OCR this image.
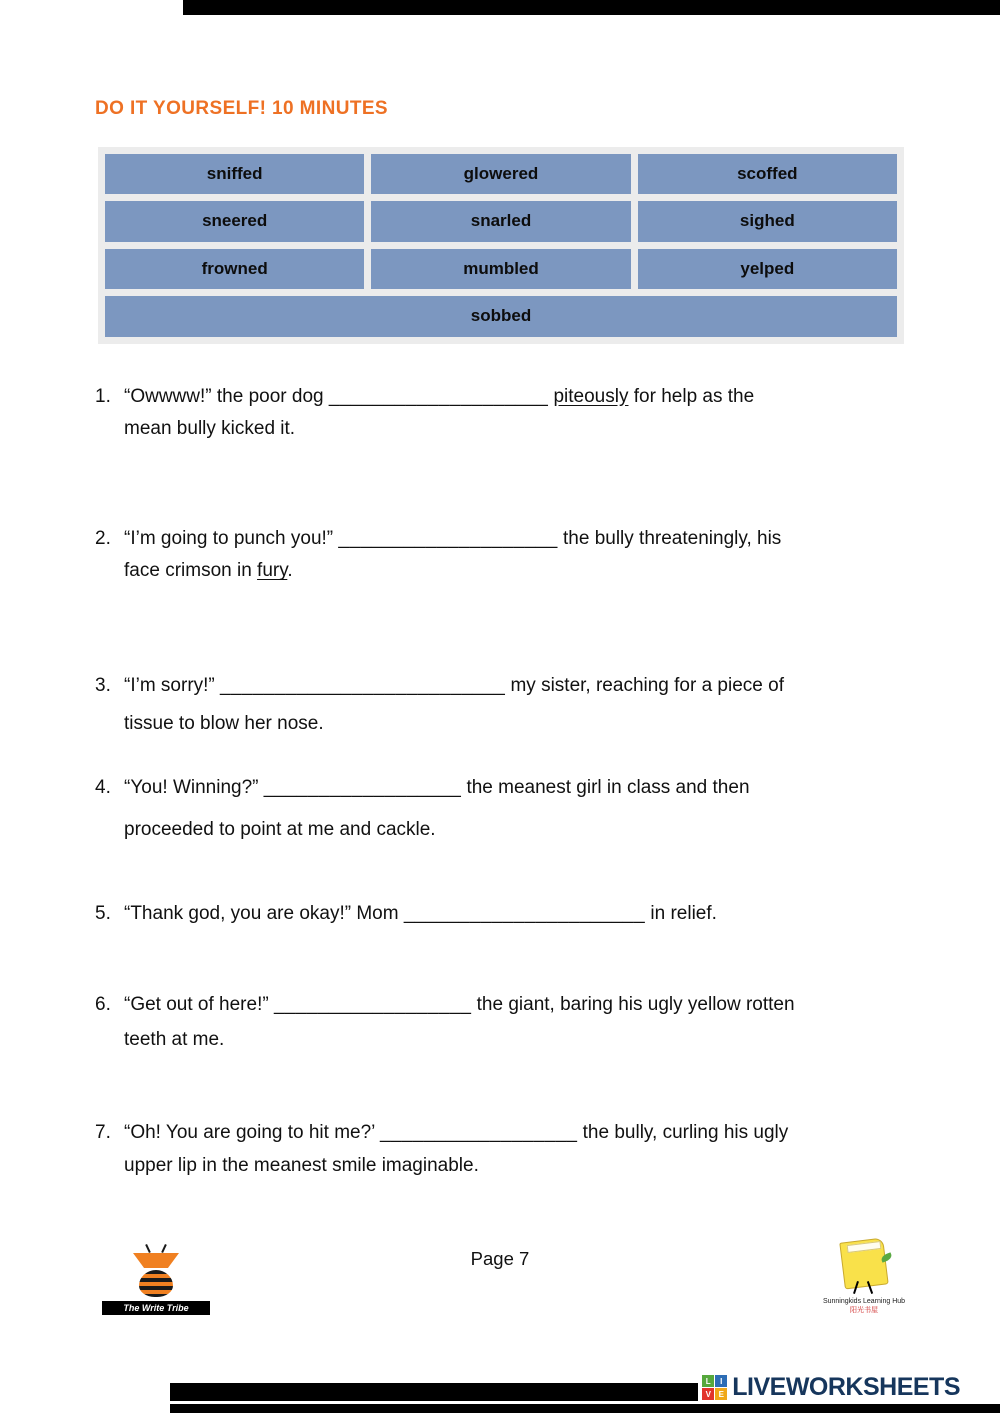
DO IT YOURSELF! 10 MINUTES
sniffed	glowered	scoffed
sneered	snarled	sighed
frowned	mumbled	yelped
sobbed
1. “Owwww!” the poor dog ____________________ piteously for help as the
mean bully kicked it.
2. “I’m going to punch you!” ____________________ the bully threateningly, his
face crimson in fury.
3. “I’m sorry!” __________________________ my sister, reaching for a piece of
tissue to blow her nose.
4. “You! Winning?” __________________ the meanest girl in class and then
proceeded to point at me and cackle.
5. “Thank god, you are okay!” Mom ______________________ in relief.
6. “Get out of here!” __________________ the giant, baring his ugly yellow rotten
teeth at me.
7. “Oh! You are going to hit me?’ __________________ the bully, curling his ugly
upper lip in the meanest smile imaginable.
Page 7
The Write Tribe
Sunningkids Learning Hub
阳光书屋
L	I
V E LIVEWORKSHEETS
